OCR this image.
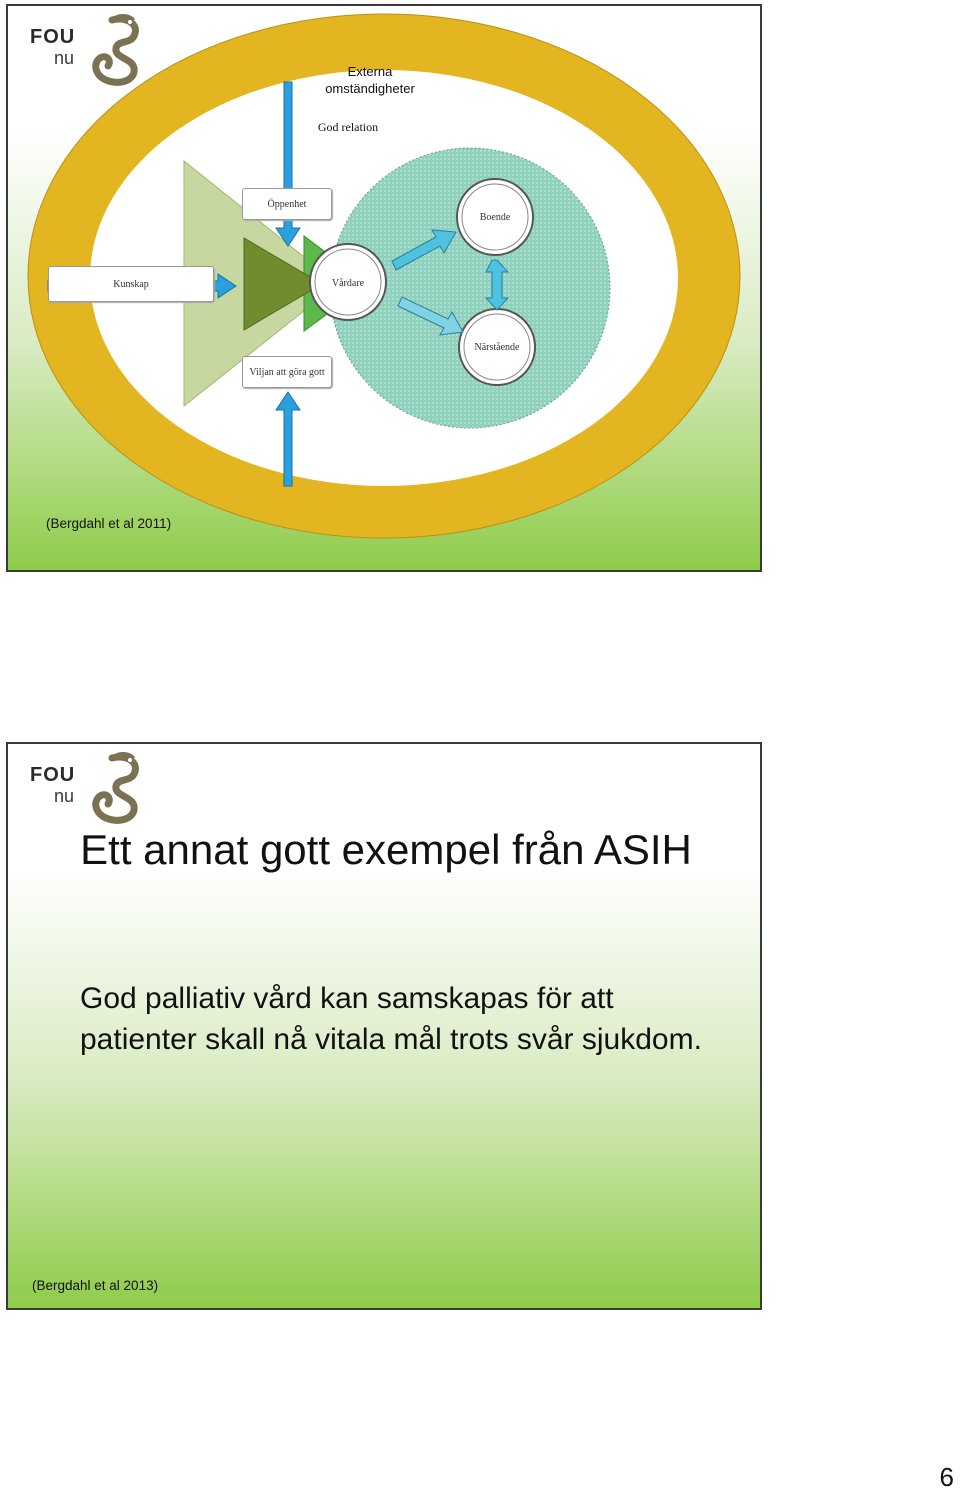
FOU
nu
Externa omständigheter
God relation
Öppenhet
Kunskap
Viljan att göra gott
Vårdare
Boende
Närstående
(Bergdahl et al 2011)
FOU
nu
Ett annat gott exempel från ASIH
God palliativ vård kan samskapas för att patienter skall nå vitala mål trots svår sjukdom.
(Bergdahl et al 2013)
6
